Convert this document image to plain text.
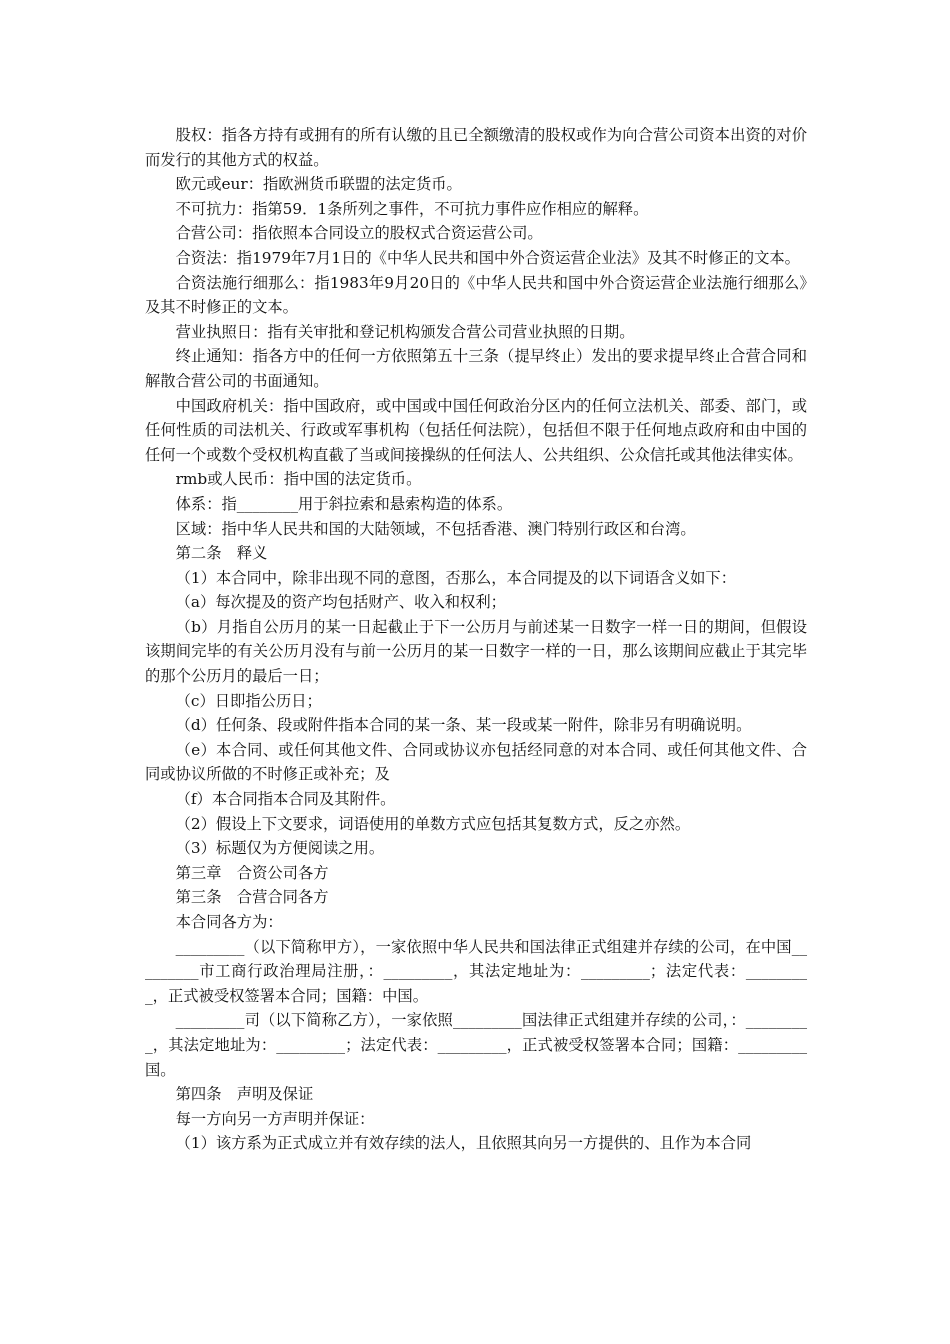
股权：指各方持有或拥有的所有认缴的且已全额缴清的股权或作为向合营公司资本出资的对价而发行的其他方式的权益。

欧元或eur：指欧洲货币联盟的法定货币。

不可抗力：指第59．1条所列之事件，不可抗力事件应作相应的解释。

合营公司：指依照本合同设立的股权式合资运营公司。

合资法：指1979年7月1日的《中华人民共和国中外合资运营企业法》及其不时修正的文本。

合资法施行细那么：指1983年9月20日的《中华人民共和国中外合资运营企业法施行细那么》及其不时修正的文本。

营业执照日：指有关审批和登记机构颁发合营公司营业执照的日期。

终止通知：指各方中的任何一方依照第五十三条（提早终止）发出的要求提早终止合营合同和解散合营公司的书面通知。

中国政府机关：指中国政府，或中国或中国任何政治分区内的任何立法机关、部委、部门，或任何性质的司法机关、行政或军事机构（包括任何法院），包括但不限于任何地点政府和由中国的任何一个或数个受权机构直截了当或间接操纵的任何法人、公共组织、公众信托或其他法律实体。

rmb或人民币：指中国的法定货币。

体系：指________用于斜拉索和悬索构造的体系。

区域：指中华人民共和国的大陆领域，不包括香港、澳门特别行政区和台湾。

第二条　释义

（1）本合同中，除非出现不同的意图，否那么，本合同提及的以下词语含义如下：

（a）每次提及的资产均包括财产、收入和权利；

（b）月指自公历月的某一日起截止于下一公历月与前述某一日数字一样一日的期间，但假设该期间完毕的有关公历月没有与前一公历月的某一日数字一样的一日，那么该期间应截止于其完毕的那个公历月的最后一日；

（c）日即指公历日；

（d）任何条、段或附件指本合同的某一条、某一段或某一附件，除非另有明确说明。

（e）本合同、或任何其他文件、合同或协议亦包括经同意的对本合同、或任何其他文件、合同或协议所做的不时修正或补充；及

（f）本合同指本合同及其附件。

（2）假设上下文要求，词语使用的单数方式应包括其复数方式，反之亦然。

（3）标题仅为方便阅读之用。

第三章　合资公司各方

第三条　合营合同各方

本合同各方为：

_________（以下简称甲方），一家依照中华人民共和国法律正式组建并存续的公司，在中国_________市工商行政治理局注册，：_________，其法定地址为：_________；法定代表：_________，正式被受权签署本合同；国籍：中国。

_________司（以下简称乙方），一家依照_________国法律正式组建并存续的公司，：_________，其法定地址为：_________；法定代表：_________，正式被受权签署本合同；国籍：_________国。

第四条　声明及保证

每一方向另一方声明并保证：

（1）该方系为正式成立并有效存续的法人，且依照其向另一方提供的、且作为本合同
